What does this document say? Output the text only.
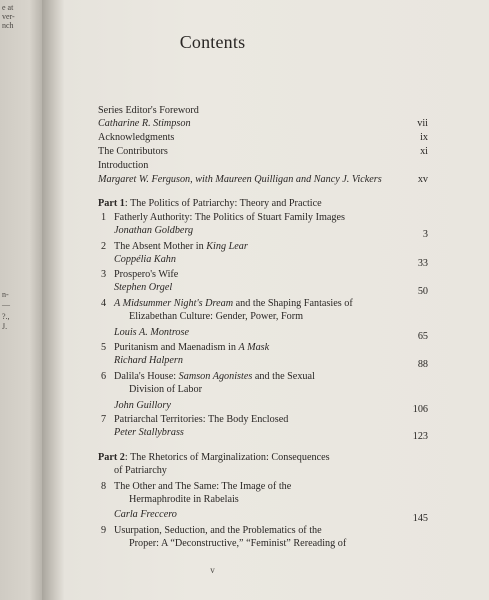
e at
ver-
nch
n-
—
?.,
J.
Contents
Series Editor's Foreword
Catharine R. Stimpson	vii
Acknowledgments	ix
The Contributors	xi
Introduction
Margaret W. Ferguson, with Maureen Quilligan and Nancy J. Vickers	xv
Part 1: The Politics of Patriarchy: Theory and Practice
1 Fatherly Authority: The Politics of Stuart Family Images
Jonathan Goldberg	3
2 The Absent Mother in King Lear
Coppélia Kahn	33
3 Prospero's Wife
Stephen Orgel	50
4 A Midsummer Night's Dream and the Shaping Fantasies of
Elizabethan Culture: Gender, Power, Form
Louis A. Montrose	65
5 Puritanism and Maenadism in A Mask
Richard Halpern	88
6 Dalila's House: Samson Agonistes and the Sexual
Division of Labor
John Guillory	106
7 Patriarchal Territories: The Body Enclosed
Peter Stallybrass	123
Part 2: The Rhetorics of Marginalization: Consequences
of Patriarchy
8 The Other and The Same: The Image of the
Hermaphrodite in Rabelais
Carla Freccero	145
9 Usurpation, Seduction, and the Problematics of the
Proper: A “Deconstructive,” “Feminist” Rereading of
v
